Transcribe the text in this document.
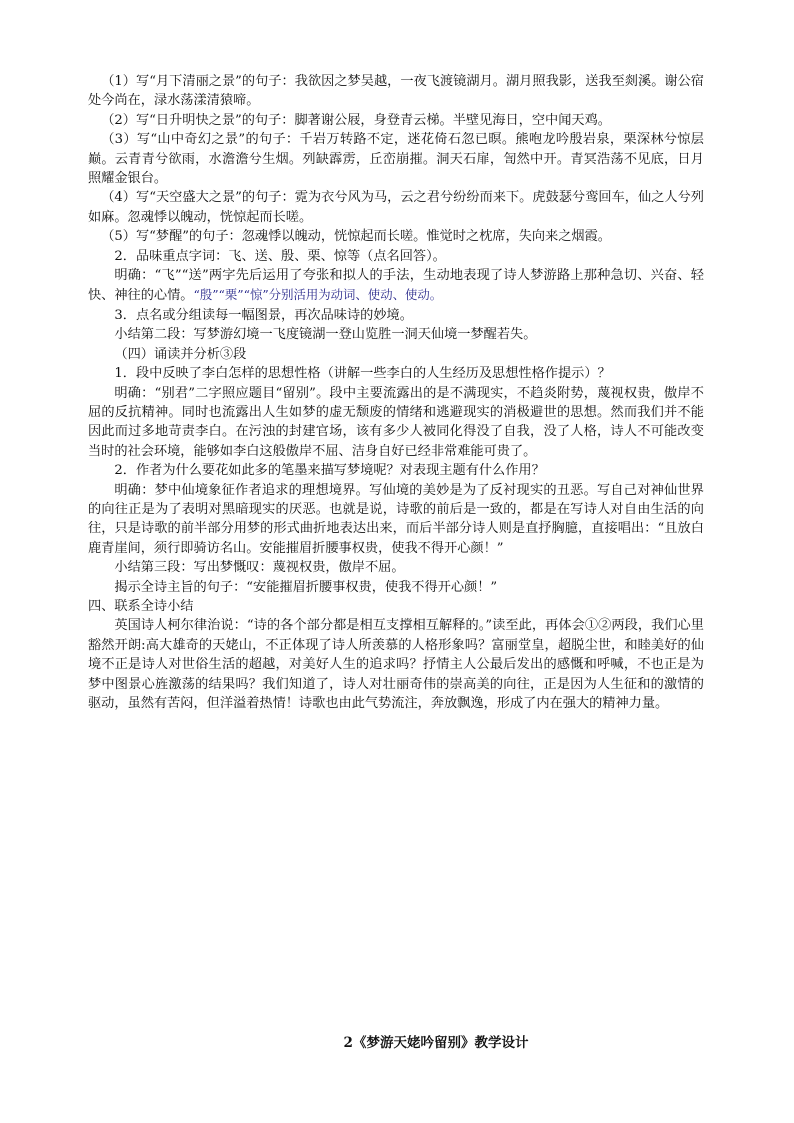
（1）写“月下清丽之景”的句子：我欲因之梦吴越，一夜飞渡镜湖月。湖月照我影，送我至剡溪。谢公宿处今尚在，渌水荡漾清猿啼。

（2）写“日升明快之景”的句子：脚著谢公屐，身登青云梯。半壁见海日，空中闻天鸡。

（3）写“山中奇幻之景”的句子：千岩万转路不定，迷花倚石忽已暝。熊咆龙吟殷岩泉，栗深林兮惊层巅。云青青兮欲雨，水澹澹兮生烟。列缺霹雳，丘峦崩摧。洞天石扉，訇然中开。青冥浩荡不见底，日月照耀金银台。

（4）写“天空盛大之景”的句子：霓为衣兮风为马，云之君兮纷纷而来下。虎鼓瑟兮鸾回车，仙之人兮列如麻。忽魂悸以魄动，恍惊起而长嗟。

（5）写“梦醒”的句子：忽魂悸以魄动，恍惊起而长嗟。惟觉时之枕席，失向来之烟霞。

2．品味重点字词：飞、送、殷、栗、惊等（点名回答）。

明确：“飞”“送”两字先后运用了夸张和拟人的手法，生动地表现了诗人梦游路上那种急切、兴奋、轻快、神往的心情。“殷”“栗”“惊”分别活用为动词、使动、使动。

3．点名或分组读每一幅图景，再次品味诗的妙境。

小结第二段：写梦游幻境一飞度镜湖一登山览胜一洞天仙境一梦醒若失。

（四）诵读并分析③段

1．段中反映了李白怎样的思想性格（讲解一些李白的人生经历及思想性格作提示）？

明确：“别君”二字照应题目“留别”。段中主要流露出的是不满现实，不趋炎附势，蔑视权贵，傲岸不屈的反抗精神。同时也流露出人生如梦的虚无颓废的情绪和逃避现实的消极避世的思想。然而我们并不能因此而过多地苛责李白。在污浊的封建官场，该有多少人被同化得没了自我，没了人格，诗人不可能改变当时的社会环境，能够如李白这般傲岸不屈、洁身自好已经非常难能可贵了。

2．作者为什么要花如此多的笔墨来描写梦境呢？对表现主题有什么作用？

明确：梦中仙境象征作者追求的理想境界。写仙境的美妙是为了反衬现实的丑恶。写自己对神仙世界的向往正是为了表明对黑暗现实的厌恶。也就是说，诗歌的前后是一致的，都是在写诗人对自由生活的向往，只是诗歌的前半部分用梦的形式曲折地表达出来，而后半部分诗人则是直抒胸臆，直接唱出：“且放白鹿青崖间，须行即骑访名山。安能摧眉折腰事权贵，使我不得开心颜！”

小结第三段：写出梦慨叹：蔑视权贵，傲岸不屈。

揭示全诗主旨的句子：“安能摧眉折腰事权贵，使我不得开心颜！”

四、联系全诗小结

英国诗人柯尔律治说：“诗的各个部分都是相互支撑相互解释的。”读至此，再体会①②两段，我们心里豁然开朗:高大雄奇的天姥山，不正体现了诗人所羡慕的人格形象吗？富丽堂皇，超脱尘世，和睦美好的仙境不正是诗人对世俗生活的超越，对美好人生的追求吗？抒情主人公最后发出的感慨和呼喊，不也正是为梦中图景心旌激荡的结果吗？我们知道了，诗人对壮丽奇伟的崇高美的向往，正是因为人生征和的激情的驱动，虽然有苦闷，但洋溢着热情！诗歌也由此气势流注，奔放飘逸，形成了内在强大的精神力量。

2《梦游天姥吟留别》教学设计
